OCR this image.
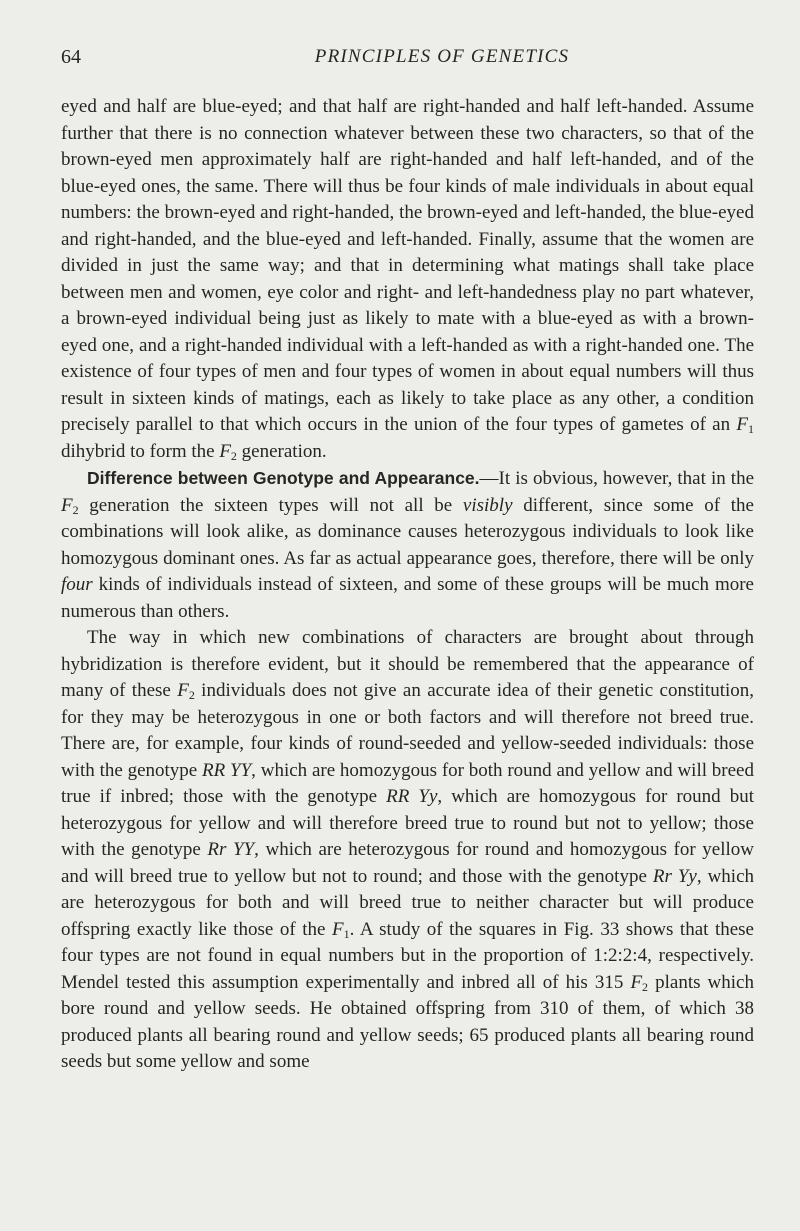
64	PRINCIPLES OF GENETICS

eyed and half are blue-eyed; and that half are right-handed and half left-handed. Assume further that there is no connection whatever between these two characters, so that of the brown-eyed men approximately half are right-handed and half left-handed, and of the blue-eyed ones, the same. There will thus be four kinds of male individuals in about equal numbers: the brown-eyed and right-handed, the brown-eyed and left-handed, the blue-eyed and right-handed, and the blue-eyed and left-handed. Finally, assume that the women are divided in just the same way; and that in determining what matings shall take place between men and women, eye color and right- and left-handedness play no part whatever, a brown-eyed individual being just as likely to mate with a blue-eyed as with a brown-eyed one, and a right-handed individual with a left-handed as with a right-handed one. The existence of four types of men and four types of women in about equal numbers will thus result in sixteen kinds of matings, each as likely to take place as any other, a condition precisely parallel to that which occurs in the union of the four types of gametes of an $F_1$ dihybrid to form the $F_2$ generation.

Difference between Genotype and Appearance.—It is obvious, however, that in the $F_2$ generation the sixteen types will not all be visibly different, since some of the combinations will look alike, as dominance causes heterozygous individuals to look like homozygous dominant ones. As far as actual appearance goes, therefore, there will be only four kinds of individuals instead of sixteen, and some of these groups will be much more numerous than others.

The way in which new combinations of characters are brought about through hybridization is therefore evident, but it should be remembered that the appearance of many of these $F_2$ individuals does not give an accurate idea of their genetic constitution, for they may be heterozygous in one or both factors and will therefore not breed true. There are, for example, four kinds of round-seeded and yellow-seeded individuals: those with the genotype RR YY, which are homozygous for both round and yellow and will breed true if inbred; those with the genotype RR Yy, which are homozygous for round but heterozygous for yellow and will therefore breed true to round but not to yellow; those with the genotype Rr YY, which are heterozygous for round and homozygous for yellow and will breed true to yellow but not to round; and those with the genotype Rr Yy, which are heterozygous for both and will breed true to neither character but will produce offspring exactly like those of the $F_1$. A study of the squares in Fig. 33 shows that these four types are not found in equal numbers but in the proportion of 1:2:2:4, respectively. Mendel tested this assumption experimentally and inbred all of his 315 $F_2$ plants which bore round and yellow seeds. He obtained offspring from 310 of them, of which 38 produced plants all bearing round and yellow seeds; 65 produced plants all bearing round seeds but some yellow and some
